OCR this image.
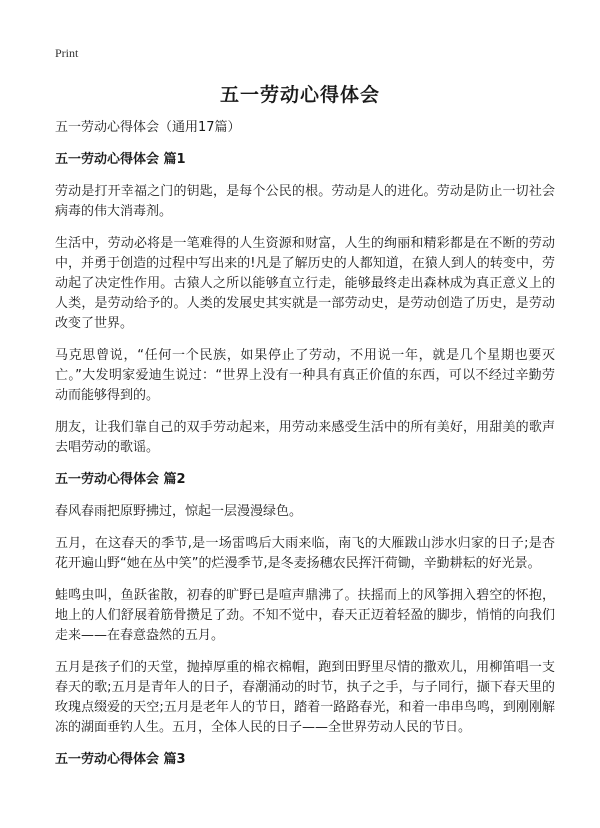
Print
五一劳动心得体会

五一劳动心得体会（通用17篇）

五一劳动心得体会 篇1

劳动是打开幸福之门的钥匙，是每个公民的根。劳动是人的进化。劳动是防止一切社会病毒的伟大消毒剂。

生活中，劳动必将是一笔难得的人生资源和财富，人生的绚丽和精彩都是在不断的劳动中，并勇于创造的过程中写出来的!凡是了解历史的人都知道，在猿人到人的转变中，劳动起了决定性作用。古猿人之所以能够直立行走，能够最终走出森林成为真正意义上的人类，是劳动给予的。人类的发展史其实就是一部劳动史，是劳动创造了历史，是劳动改变了世界。

马克思曾说，“任何一个民族，如果停止了劳动，不用说一年，就是几个星期也要灭亡。”大发明家爱迪生说过：“世界上没有一种具有真正价值的东西，可以不经过辛勤劳动而能够得到的。

朋友，让我们靠自己的双手劳动起来，用劳动来感受生活中的所有美好，用甜美的歌声去唱劳动的歌谣。

五一劳动心得体会 篇2

春风春雨把原野拂过，惊起一层漫漫绿色。

五月，在这春天的季节,是一场雷鸣后大雨来临，南飞的大雁跋山涉水归家的日子;是杏花开遍山野“她在丛中笑”的烂漫季节,是冬麦扬穗农民挥汗荷锄，辛勤耕耘的好光景。

蛙鸣虫叫，鱼跃雀散，初春的旷野已是喧声鼎沸了。扶摇而上的风筝拥入碧空的怀抱，地上的人们舒展着筋骨攒足了劲。不知不觉中，春天正迈着轻盈的脚步，悄悄的向我们走来——在春意盎然的五月。

五月是孩子们的天堂，抛掉厚重的棉衣棉帽，跑到田野里尽情的撒欢儿，用柳笛唱一支春天的歌;五月是青年人的日子，春潮涌动的时节，执子之手，与子同行，撷下春天里的玫瑰点缀爱的天空;五月是老年人的节日，踏着一路路春光，和着一串串鸟鸣，到刚刚解冻的湖面垂钓人生。五月，全体人民的日子——全世界劳动人民的节日。

五一劳动心得体会 篇3
